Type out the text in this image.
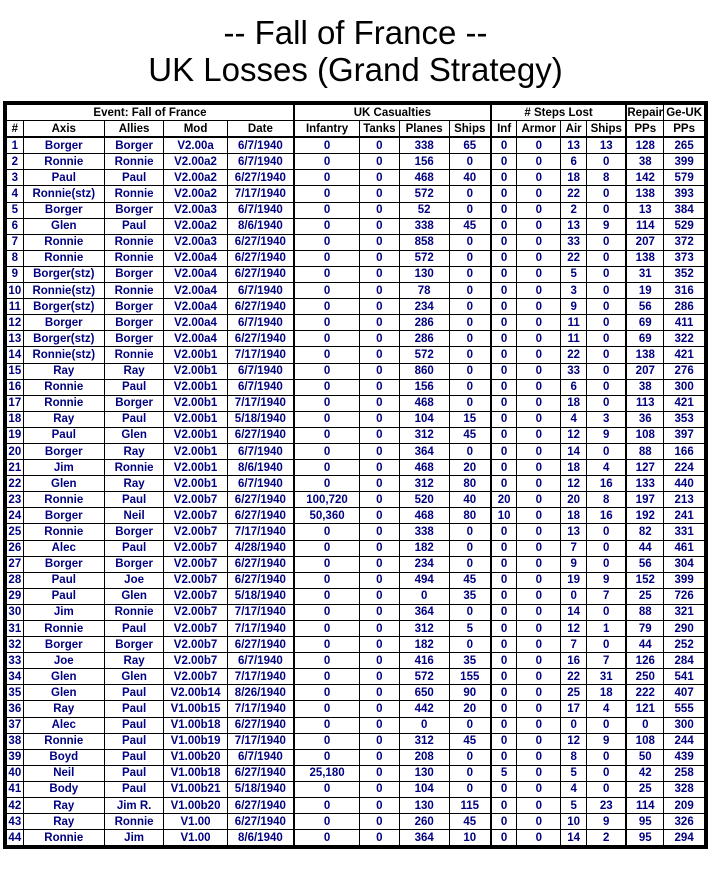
-- Fall of France --
UK Losses (Grand Strategy)
Event: Fall of France					UK Casualties				# Steps Lost				Repair	Ge-UK
#	Axis	Allies	Mod	Date	Infantry	Tanks	Planes	Ships	Inf	Armor	Air	Ships	PPs	PPs
1	Borger	Borger	V2.00a	6/7/1940	0	0	338	65	0	0	13	13	128	265
2	Ronnie	Ronnie	V2.00a2	6/7/1940	0	0	156	0	0	0	6	0	38	399
3	Paul	Paul	V2.00a2	6/27/1940	0	0	468	40	0	0	18	8	142	579
4	Ronnie(stz)	Ronnie	V2.00a2	7/17/1940	0	0	572	0	0	0	22	0	138	393
5	Borger	Borger	V2.00a3	6/7/1940	0	0	52	0	0	0	2	0	13	384
6	Glen	Paul	V2.00a2	8/6/1940	0	0	338	45	0	0	13	9	114	529
7	Ronnie	Ronnie	V2.00a3	6/27/1940	0	0	858	0	0	0	33	0	207	372
8	Ronnie	Ronnie	V2.00a4	6/27/1940	0	0	572	0	0	0	22	0	138	373
9	Borger(stz)	Borger	V2.00a4	6/27/1940	0	0	130	0	0	0	5	0	31	352
10	Ronnie(stz)	Ronnie	V2.00a4	6/7/1940	0	0	78	0	0	0	3	0	19	316
11	Borger(stz)	Borger	V2.00a4	6/27/1940	0	0	234	0	0	0	9	0	56	286
12	Borger	Borger	V2.00a4	6/7/1940	0	0	286	0	0	0	11	0	69	411
13	Borger(stz)	Borger	V2.00a4	6/27/1940	0	0	286	0	0	0	11	0	69	322
14	Ronnie(stz)	Ronnie	V2.00b1	7/17/1940	0	0	572	0	0	0	22	0	138	421
15	Ray	Ray	V2.00b1	6/7/1940	0	0	860	0	0	0	33	0	207	276
16	Ronnie	Paul	V2.00b1	6/7/1940	0	0	156	0	0	0	6	0	38	300
17	Ronnie	Borger	V2.00b1	7/17/1940	0	0	468	0	0	0	18	0	113	421
18	Ray	Paul	V2.00b1	5/18/1940	0	0	104	15	0	0	4	3	36	353
19	Paul	Glen	V2.00b1	6/27/1940	0	0	312	45	0	0	12	9	108	397
20	Borger	Ray	V2.00b1	6/7/1940	0	0	364	0	0	0	14	0	88	166
21	Jim	Ronnie	V2.00b1	8/6/1940	0	0	468	20	0	0	18	4	127	224
22	Glen	Ray	V2.00b1	6/7/1940	0	0	312	80	0	0	12	16	133	440
23	Ronnie	Paul	V2.00b7	6/27/1940	100,720	0	520	40	20	0	20	8	197	213
24	Borger	Neil	V2.00b7	6/27/1940	50,360	0	468	80	10	0	18	16	192	241
25	Ronnie	Borger	V2.00b7	7/17/1940	0	0	338	0	0	0	13	0	82	331
26	Alec	Paul	V2.00b7	4/28/1940	0	0	182	0	0	0	7	0	44	461
27	Borger	Borger	V2.00b7	6/27/1940	0	0	234	0	0	0	9	0	56	304
28	Paul	Joe	V2.00b7	6/27/1940	0	0	494	45	0	0	19	9	152	399
29	Paul	Glen	V2.00b7	5/18/1940	0	0	0	35	0	0	0	7	25	726
30	Jim	Ronnie	V2.00b7	7/17/1940	0	0	364	0	0	0	14	0	88	321
31	Ronnie	Paul	V2.00b7	7/17/1940	0	0	312	5	0	0	12	1	79	290
32	Borger	Borger	V2.00b7	6/27/1940	0	0	182	0	0	0	7	0	44	252
33	Joe	Ray	V2.00b7	6/7/1940	0	0	416	35	0	0	16	7	126	284
34	Glen	Glen	V2.00b7	7/17/1940	0	0	572	155	0	0	22	31	250	541
35	Glen	Paul	V2.00b14	8/26/1940	0	0	650	90	0	0	25	18	222	407
36	Ray	Paul	V1.00b15	7/17/1940	0	0	442	20	0	0	17	4	121	555
37	Alec	Paul	V1.00b18	6/27/1940	0	0	0	0	0	0	0	0	0	300
38	Ronnie	Paul	V1.00b19	7/17/1940	0	0	312	45	0	0	12	9	108	244
39	Boyd	Paul	V1.00b20	6/7/1940	0	0	208	0	0	0	8	0	50	439
40	Neil	Paul	V1.00b18	6/27/1940	25,180	0	130	0	5	0	5	0	42	258
41	Body	Paul	V1.00b21	5/18/1940	0	0	104	0	0	0	4	0	25	328
42	Ray	Jim R.	V1.00b20	6/27/1940	0	0	130	115	0	0	5	23	114	209
43	Ray	Ronnie	V1.00	6/27/1940	0	0	260	45	0	0	10	9	95	326
44	Ronnie	Jim	V1.00	8/6/1940	0	0	364	10	0	0	14	2	95	294
